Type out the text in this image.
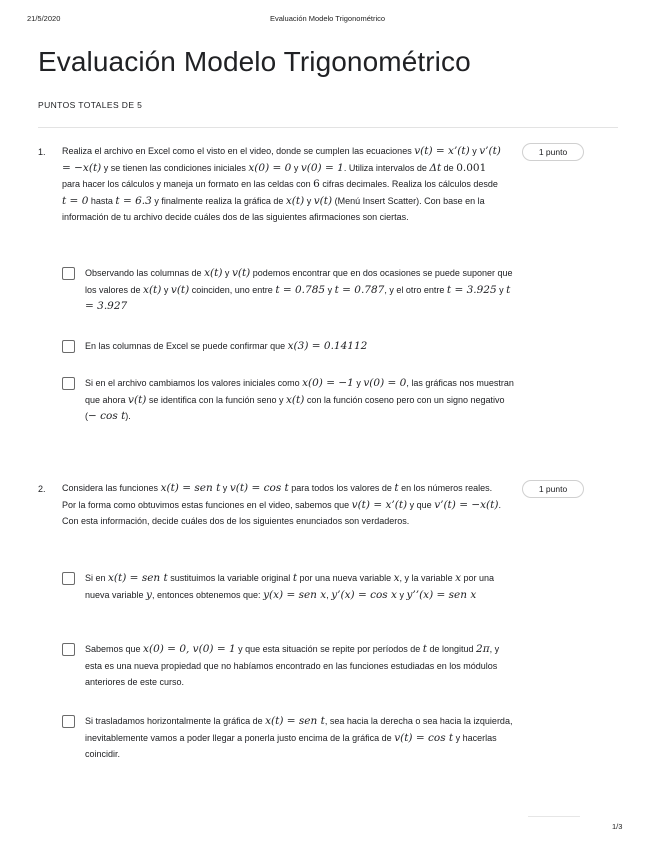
21/5/2020	Evaluación Modelo Trigonométrico
Evaluación Modelo Trigonométrico
PUNTOS TOTALES DE 5
1. Realiza el archivo en Excel como el visto en el video, donde se cumplen las ecuaciones v(t) = x’(t) y v’(t) = −x(t) y se tienen las condiciones iniciales x(0) = 0 y v(0) = 1. Utiliza intervalos de Δt de 0.001 para hacer los cálculos y maneja un formato en las celdas con 6 cifras decimales. Realiza los cálculos desde t = 0 hasta t = 6.3 y finalmente realiza la gráfica de x(t) y v(t) (Menú Insert Scatter). Con base en la información de tu archivo decide cuáles dos de las siguientes afirmaciones son ciertas.
1 punto
Observando las columnas de x(t) y v(t) podemos encontrar que en dos ocasiones se puede suponer que los valores de x(t) y v(t) coinciden, uno entre t = 0.785 y t = 0.787, y el otro entre t = 3.925 y t = 3.927
En las columnas de Excel se puede confirmar que x(3) = 0.14112
Si en el archivo cambiamos los valores iniciales como x(0) = −1 y v(0) = 0, las gráficas nos muestran que ahora v(t) se identifica con la función seno y x(t) con la función coseno pero con un signo negativo (− cos t).
2. Considera las funciones x(t) = sen t y v(t) = cos t para todos los valores de t en los números reales. Por la forma como obtuvimos estas funciones en el video, sabemos que v(t) = x’(t) y que v’(t) = −x(t). Con esta información, decide cuáles dos de los siguientes enunciados son verdaderos.
1 punto
Si en x(t) = sen t sustituimos la variable original t por una nueva variable x, y la variable x por una nueva variable y, entonces obtenemos que: y(x) = sen x, y’(x) = cos x y y’’(x) = sen x
Sabemos que x(0) = 0, v(0) = 1 y que esta situación se repite por períodos de t de longitud 2π, y esta es una nueva propiedad que no habíamos encontrado en las funciones estudiadas en los módulos anteriores de este curso.
Si trasladamos horizontalmente la gráfica de x(t) = sen t, sea hacia la derecha o sea hacia la izquierda, inevitablemente vamos a poder llegar a ponerla justo encima de la gráfica de v(t) = cos t y hacerlas coincidir.
1/3
